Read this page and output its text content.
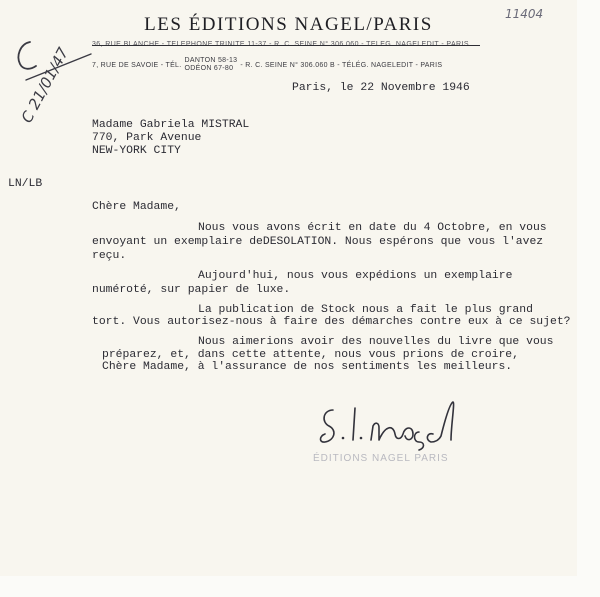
LES ÉDITIONS NAGEL/PARIS
36, RUE BLANCHE - TÉLÉPHONE TRINITÉ 11-37 - R. C. SEINE N° 306.060 - TÉLÉG. NAGELEDIT - PARIS
7, RUE DE SAVOIE - TÉL.
DANTON 58-13
ODÉON 67-80	- R. C. SEINE N° 306.060 B - TÉLÉG. NAGELEDIT - PARIS
11404
C 21/01/47	Paris, le 22 Novembre 1946
Madame Gabriela MISTRAL
770, Park Avenue
NEW-YORK CITY
LN/LB
Chère Madame,
Nous vous avons écrit en date du 4 Octobre, en vous
envoyant un exemplaire deDESOLATION. Nous espérons que vous l'avez
reçu.
Aujourd'hui, nous vous expédions un exemplaire
numéroté, sur papier de luxe.
La publication de Stock nous a fait le plus grand
tort. Vous autorisez-nous à faire des démarches contre eux à ce sujet?
Nous aimerions avoir des nouvelles du livre que vous
préparez, et, dans cette attente, nous vous prions de croire,
Chère Madame, à l'assurance de nos sentiments les meilleurs.
S. L. Nagel
ÉDITIONS NAGEL PARIS
